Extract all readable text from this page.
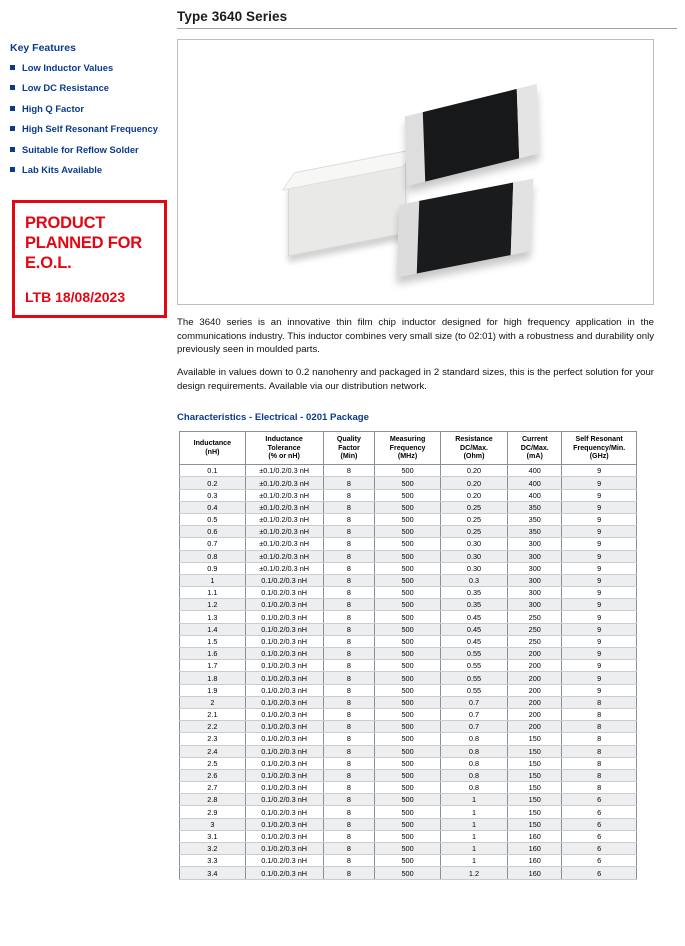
Key Features
Low Inductor Values
Low DC Resistance
High Q Factor
High Self Resonant Frequency
Suitable for Reflow Solder
Lab Kits Available
PRODUCT PLANNED FOR E.O.L.
LTB 18/08/2023
Type 3640 Series

The 3640 series is an innovative thin film chip inductor designed for high frequency application in the communications industry. This inductor combines very small size (to 02:01) with a robustness and durability only previously seen in moulded parts.

Available in values down to 0.2 nanohenry and packaged in 2 standard sizes, this is the perfect solution for your design requirements. Available via our distribution network.

Characteristics - Electrical - 0201 Package
Inductance
(nH)	Inductance
Tolerance
(% or nH)	Quality
Factor
(Min)	Measuring
Frequency
(MHz)	Resistance
DC/Max.
(Ohm)	Current
DC/Max.
(mA)	Self Resonant
Frequency/Min.
(GHz)
0.1	±0.1/0.2/0.3 nH	8	500	0.20	400	9
0.2	±0.1/0.2/0.3 nH	8	500	0.20	400	9
0.3	±0.1/0.2/0.3 nH	8	500	0.20	400	9
0.4	±0.1/0.2/0.3 nH	8	500	0.25	350	9
0.5	±0.1/0.2/0.3 nH	8	500	0.25	350	9
0.6	±0.1/0.2/0.3 nH	8	500	0.25	350	9
0.7	±0.1/0.2/0.3 nH	8	500	0.30	300	9
0.8	±0.1/0.2/0.3 nH	8	500	0.30	300	9
0.9	±0.1/0.2/0.3 nH	8	500	0.30	300	9
1	0.1/0.2/0.3 nH	8	500	0.3	300	9
1.1	0.1/0.2/0.3 nH	8	500	0.35	300	9
1.2	0.1/0.2/0.3 nH	8	500	0.35	300	9
1.3	0.1/0.2/0.3 nH	8	500	0.45	250	9
1.4	0.1/0.2/0.3 nH	8	500	0.45	250	9
1.5	0.1/0.2/0.3 nH	8	500	0.45	250	9
1.6	0.1/0.2/0.3 nH	8	500	0.55	200	9
1.7	0.1/0.2/0.3 nH	8	500	0.55	200	9
1.8	0.1/0.2/0.3 nH	8	500	0.55	200	9
1.9	0.1/0.2/0.3 nH	8	500	0.55	200	9
2	0.1/0.2/0.3 nH	8	500	0.7	200	8
2.1	0.1/0.2/0.3 nH	8	500	0.7	200	8
2.2	0.1/0.2/0.3 nH	8	500	0.7	200	8
2.3	0.1/0.2/0.3 nH	8	500	0.8	150	8
2.4	0.1/0.2/0.3 nH	8	500	0.8	150	8
2.5	0.1/0.2/0.3 nH	8	500	0.8	150	8
2.6	0.1/0.2/0.3 nH	8	500	0.8	150	8
2.7	0.1/0.2/0.3 nH	8	500	0.8	150	8
2.8	0.1/0.2/0.3 nH	8	500	1	150	6
2.9	0.1/0.2/0.3 nH	8	500	1	150	6
3	0.1/0.2/0.3 nH	8	500	1	150	6
3.1	0.1/0.2/0.3 nH	8	500	1	160	6
3.2	0.1/0.2/0.3 nH	8	500	1	160	6
3.3	0.1/0.2/0.3 nH	8	500	1	160	6
3.4	0.1/0.2/0.3 nH	8	500	1.2	160	6
